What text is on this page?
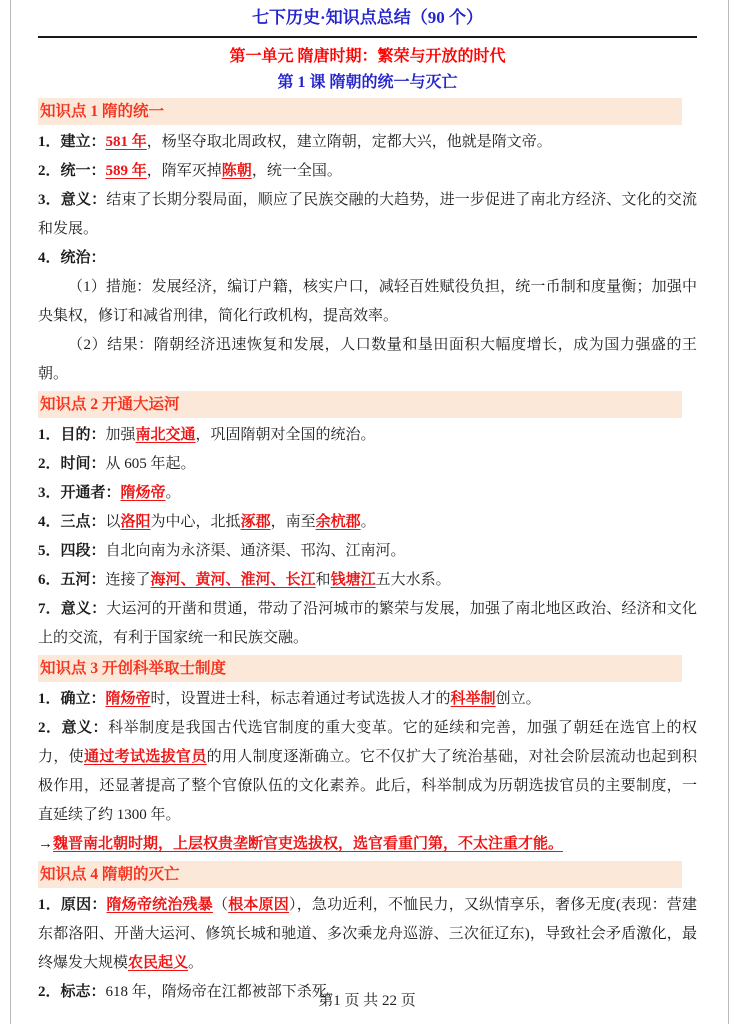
七下历史·知识点总结（90 个）
第一单元 隋唐时期：繁荣与开放的时代
第 1 课 隋朝的统一与灭亡
知识点 1 隋的统一

1．建立：581 年，杨坚夺取北周政权，建立隋朝，定都大兴，他就是隋文帝。

2．统一：589 年，隋军灭掉陈朝，统一全国。

3．意义：结束了长期分裂局面，顺应了民族交融的大趋势，进一步促进了南北方经济、文化的交流和发展。

4．统治：

（1）措施：发展经济，编订户籍，核实户口，减轻百姓赋役负担，统一币制和度量衡；加强中央集权，修订和减省刑律，简化行政机构，提高效率。

（2）结果：隋朝经济迅速恢复和发展，人口数量和垦田面积大幅度增长，成为国力强盛的王朝。

知识点 2 开通大运河

1．目的：加强南北交通，巩固隋朝对全国的统治。

2．时间：从 605 年起。

3．开通者：隋炀帝。

4．三点：以洛阳为中心，北抵涿郡，南至余杭郡。

5．四段：自北向南为永济渠、通济渠、邗沟、江南河。

6．五河：连接了海河、黄河、淮河、长江和钱塘江五大水系。

7．意义：大运河的开凿和贯通，带动了沿河城市的繁荣与发展，加强了南北地区政治、经济和文化上的交流，有利于国家统一和民族交融。

知识点 3 开创科举取士制度

1．确立：隋炀帝时，设置进士科，标志着通过考试选拔人才的科举制创立。

2．意义：科举制度是我国古代选官制度的重大变革。它的延续和完善，加强了朝廷在选官上的权力，使通过考试选拔官员的用人制度逐渐确立。它不仅扩大了统治基础，对社会阶层流动也起到积极作用，还显著提高了整个官僚队伍的文化素养。此后，科举制成为历朝选拔官员的主要制度，一直延续了约 1300 年。

→魏晋南北朝时期，上层权贵垄断官吏选拔权，选官看重门第，不太注重才能。

知识点 4 隋朝的灭亡

1．原因：隋炀帝统治残暴（根本原因），急功近利，不恤民力，又纵情享乐，奢侈无度(表现：营建东都洛阳、开凿大运河、修筑长城和驰道、多次乘龙舟巡游、三次征辽东)，导致社会矛盾激化，最终爆发大规模农民起义。

2．标志：618 年，隋炀帝在江都被部下杀死。

第1 页 共 22 页
